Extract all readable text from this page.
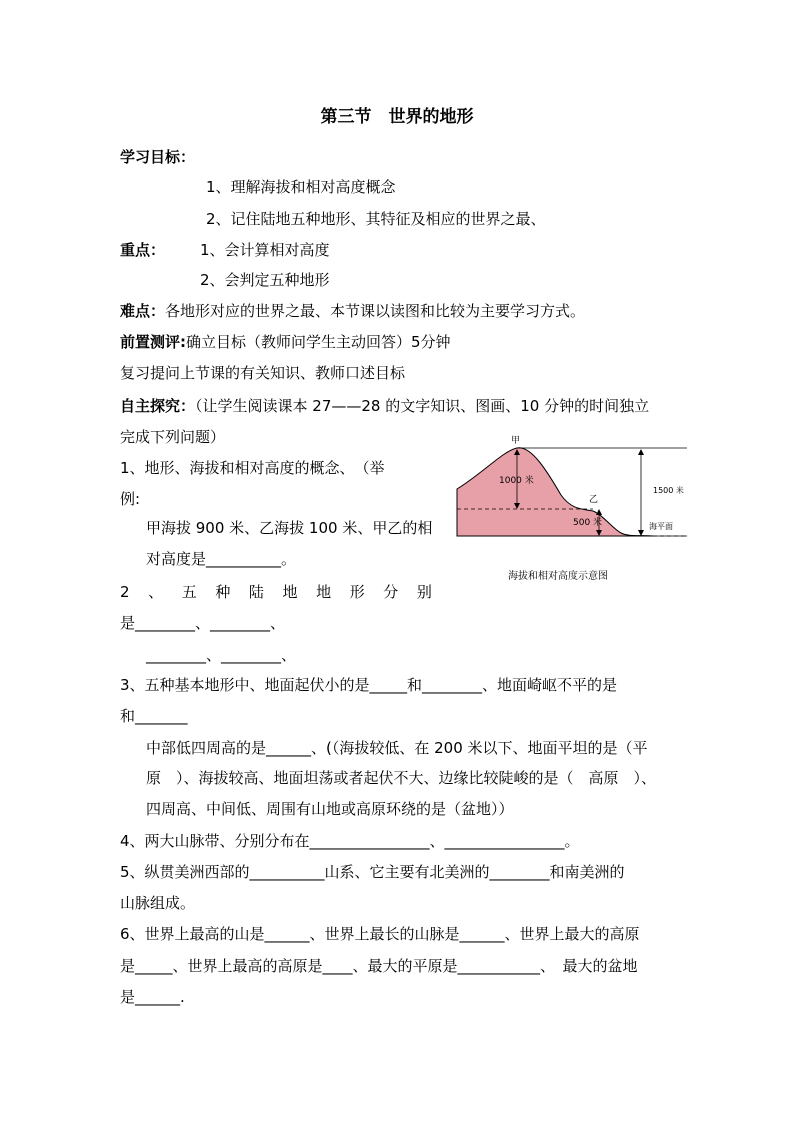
第三节　世界的地形
学习目标：
1、理解海拔和相对高度概念
2、记住陆地五种地形、其特征及相应的世界之最、
重点： 1、会计算相对高度
2、会判定五种地形
难点：各地形对应的世界之最、本节课以读图和比较为主要学习方式。
前置测评:确立目标（教师问学生主动回答）5分钟
复习提问上节课的有关知识、教师口述目标
自主探究：（让学生阅读课本 27——28 的文字知识、图画、10 分钟的时间独立
完成下列问题）
1、地形、海拔和相对高度的概念、　（举
例:
甲海拔 900 米、乙海拔 100 米、甲乙的相
对高度是__________。
2 、 五 种 陆 地 地 形 分 别
是________、________、
________、________、
3、五种基本地形中、地面起伏小的是_____和________、地面崎岖不平的是
和_______
中部低四周高的是______、(（海拔较低、在 200 米以下、地面平坦的是（平
原　）、海拔较高、地面坦荡或者起伏不大、边缘比较陡峻的是（　高原　）、
四周高、中间低、周围有山地或高原环绕的是（盆地））
4、两大山脉带、分别分布在________________、________________。
5、纵贯美洲西部的__________山系、它主要有北美洲的________和南美洲的
山脉组成。
6、世界上最高的山是______、世界上最长的山脉是______、世界上最大的高原
是_____、世界上最高的高原是____、最大的平原是___________、　最大的盆地
是______.
甲
乙
1000 米
500 米
1500 米
海平面
海拔和相对高度示意图
